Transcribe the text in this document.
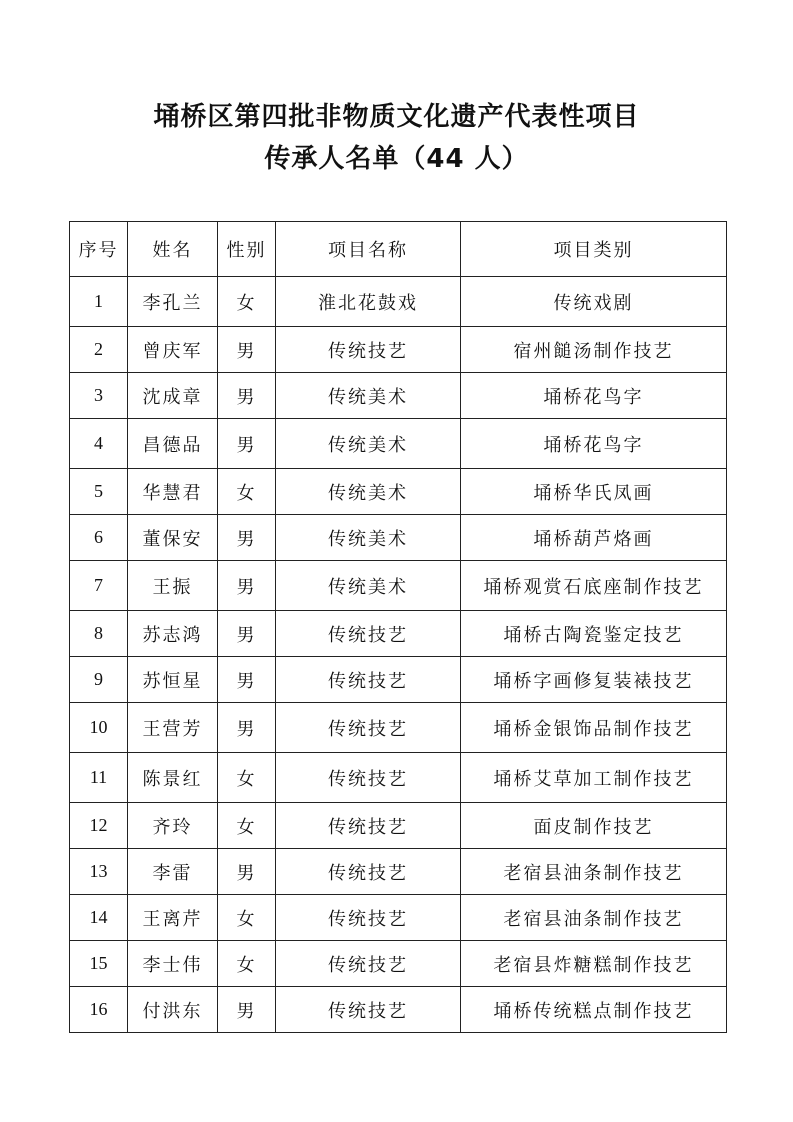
埇桥区第四批非物质文化遗产代表性项目
传承人名单（44 人）
序号	姓名	性别	项目名称	项目类别
1	李孔兰	女	淮北花鼓戏	传统戏剧
2	曾庆军	男	传统技艺	宿州䭔汤制作技艺
3	沈成章	男	传统美术	埇桥花鸟字
4	昌德品	男	传统美术	埇桥花鸟字
5	华慧君	女	传统美术	埇桥华氏凤画
6	董保安	男	传统美术	埇桥葫芦烙画
7	王振	男	传统美术	埇桥观赏石底座制作技艺
8	苏志鸿	男	传统技艺	埇桥古陶瓷鉴定技艺
9	苏恒星	男	传统技艺	埇桥字画修复装裱技艺
10	王营芳	男	传统技艺	埇桥金银饰品制作技艺
11	陈景红	女	传统技艺	埇桥艾草加工制作技艺
12	齐玲	女	传统技艺	面皮制作技艺
13	李雷	男	传统技艺	老宿县油条制作技艺
14	王离芹	女	传统技艺	老宿县油条制作技艺
15	李士伟	女	传统技艺	老宿县炸糖糕制作技艺
16	付洪东	男	传统技艺	埇桥传统糕点制作技艺
